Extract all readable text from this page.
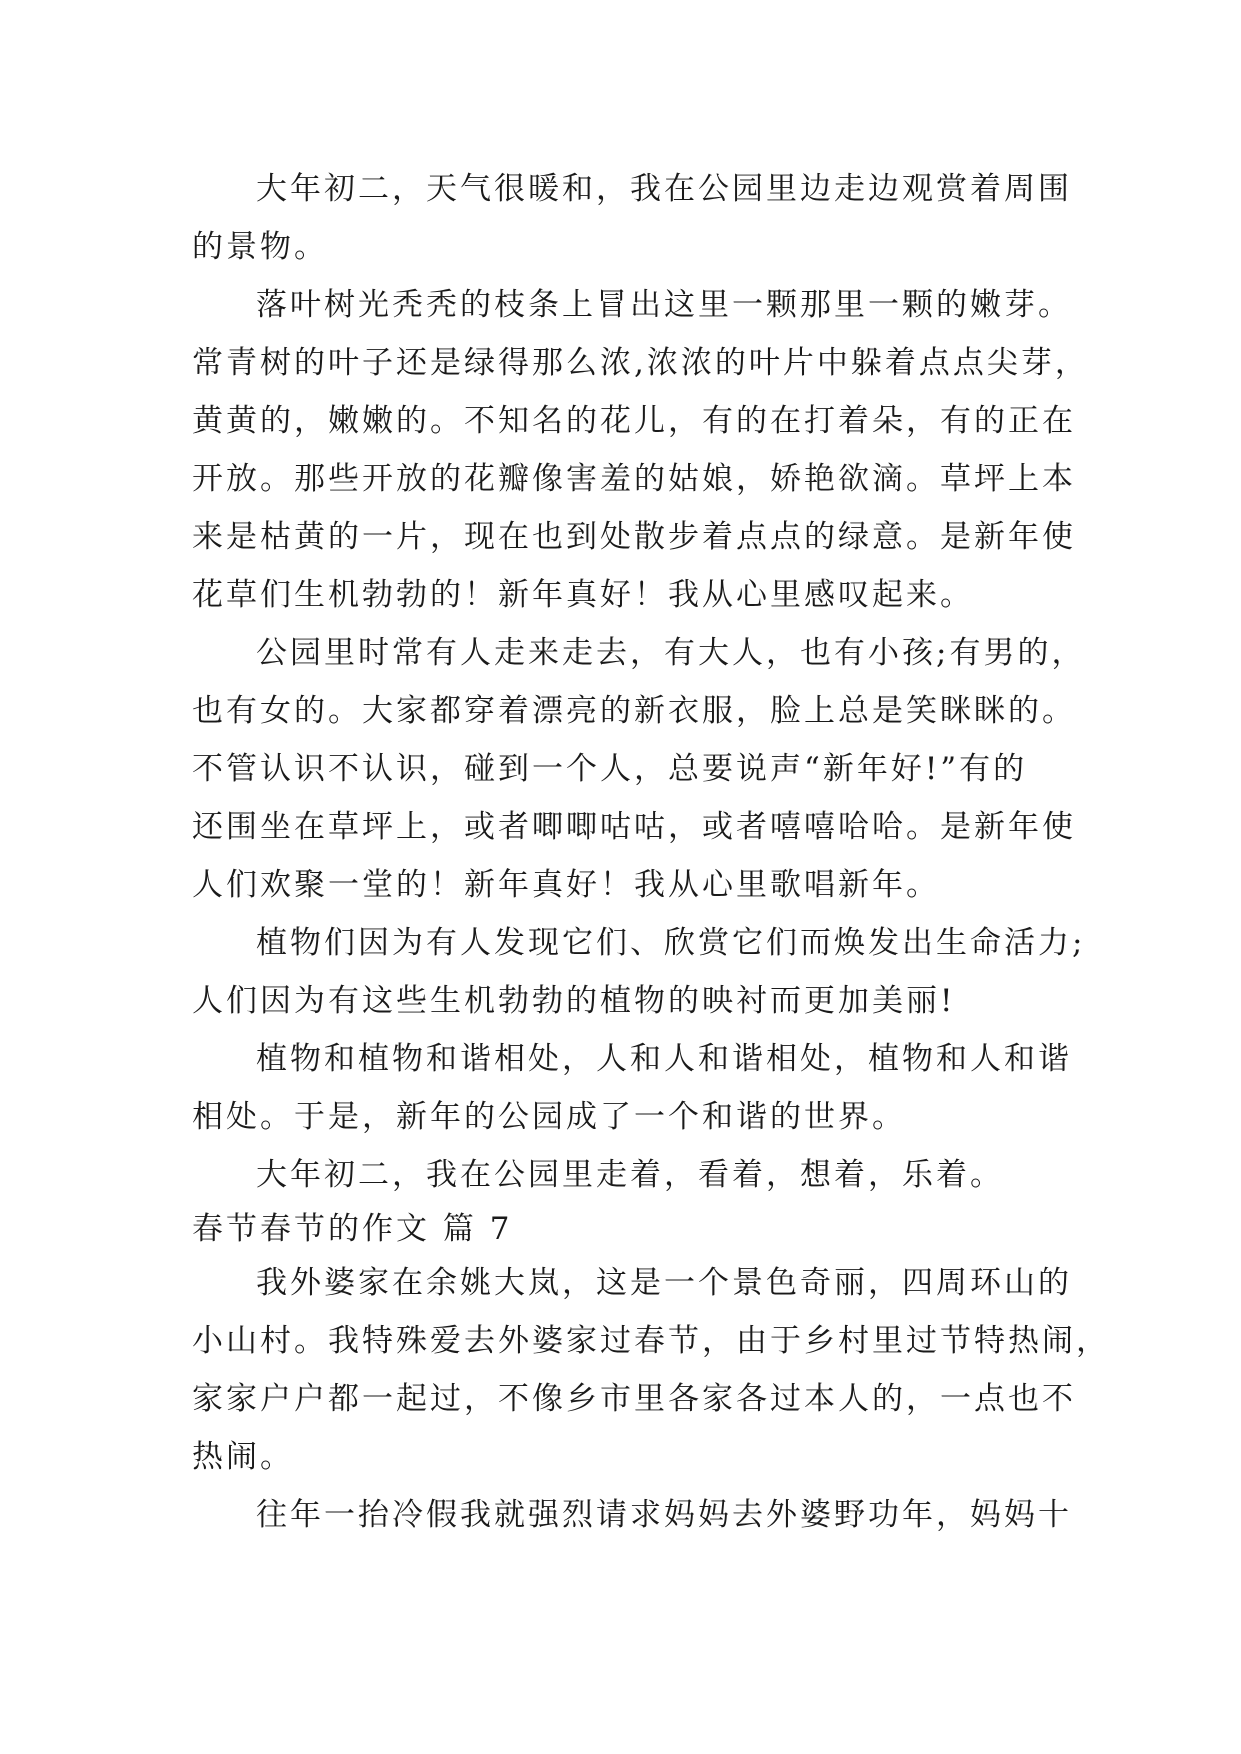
大年初二，天气很暖和，我在公园里边走边观赏着周围
的景物。
落叶树光秃秃的枝条上冒出这里一颗那里一颗的嫩芽。
常青树的叶子还是绿得那么浓,浓浓的叶片中躲着点点尖芽，
黄黄的，嫩嫩的。不知名的花儿，有的在打着朵，有的正在
开放。那些开放的花瓣像害羞的姑娘，娇艳欲滴。草坪上本
来是枯黄的一片，现在也到处散步着点点的绿意。是新年使
花草们生机勃勃的！新年真好！我从心里感叹起来。
公园里时常有人走来走去，有大人，也有小孩;有男的，
也有女的。大家都穿着漂亮的新衣服，脸上总是笑眯眯的。
不管认识不认识，碰到一个人，总要说声“新年好!”有的
还围坐在草坪上，或者唧唧咕咕，或者嘻嘻哈哈。是新年使
人们欢聚一堂的！新年真好！我从心里歌唱新年。
植物们因为有人发现它们、欣赏它们而焕发出生命活力;
人们因为有这些生机勃勃的植物的映衬而更加美丽!
植物和植物和谐相处，人和人和谐相处，植物和人和谐
相处。于是，新年的公园成了一个和谐的世界。
大年初二，我在公园里走着，看着，想着，乐着。
春节春节的作文 篇 7
我外婆家在余姚大岚，这是一个景色奇丽，四周环山的
小山村。我特殊爱去外婆家过春节，由于乡村里过节特热闹，
家家户户都一起过，不像乡市里各家各过本人的，一点也不
热闹。
往年一抬冷假我就强烈请求妈妈去外婆野功年，妈妈十
